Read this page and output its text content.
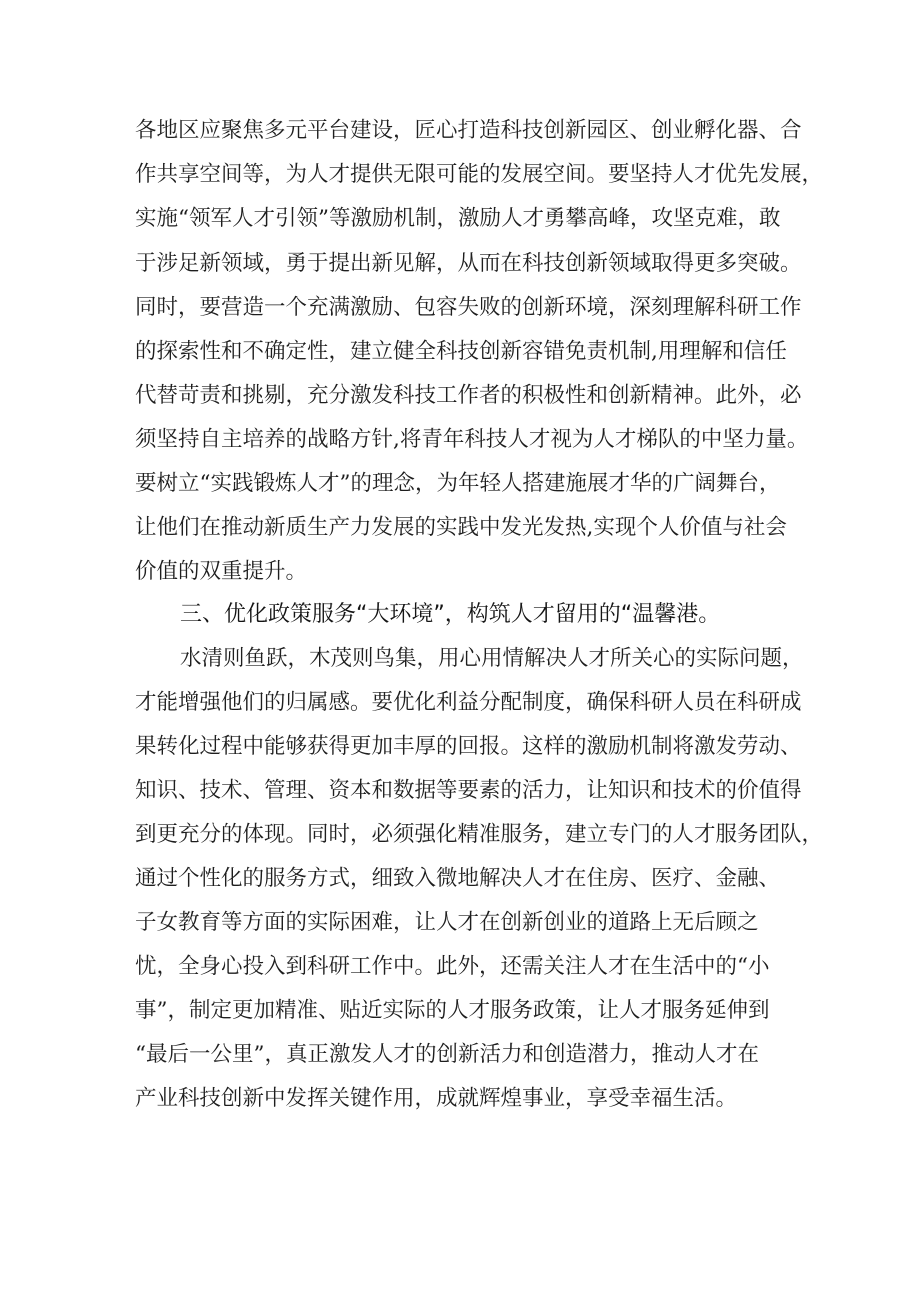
各地区应聚焦多元平台建设，匠心打造科技创新园区、创业孵化器、合
作共享空间等，为人才提供无限可能的发展空间。要坚持人才优先发展，
实施“领军人才引领”等激励机制，激励人才勇攀高峰，攻坚克难，敢
于涉足新领域，勇于提出新见解，从而在科技创新领域取得更多突破。
同时，要营造一个充满激励、包容失败的创新环境，深刻理解科研工作
的探索性和不确定性，建立健全科技创新容错免责机制,用理解和信任
代替苛责和挑剔，充分激发科技工作者的积极性和创新精神。此外，必
须坚持自主培养的战略方针,将青年科技人才视为人才梯队的中坚力量。
要树立“实践锻炼人才”的理念，为年轻人搭建施展才华的广阔舞台，
让他们在推动新质生产力发展的实践中发光发热,实现个人价值与社会
价值的双重提升。
三、优化政策服务“大环境”，构筑人才留用的“温馨港。
水清则鱼跃，木茂则鸟集，用心用情解决人才所关心的实际问题，
才能增强他们的归属感。要优化利益分配制度，确保科研人员在科研成
果转化过程中能够获得更加丰厚的回报。这样的激励机制将激发劳动、
知识、技术、管理、资本和数据等要素的活力，让知识和技术的价值得
到更充分的体现。同时，必须强化精准服务，建立专门的人才服务团队，
通过个性化的服务方式，细致入微地解决人才在住房、医疗、金融、
子女教育等方面的实际困难，让人才在创新创业的道路上无后顾之
忧，全身心投入到科研工作中。此外，还需关注人才在生活中的“小
事”，制定更加精准、贴近实际的人才服务政策，让人才服务延伸到
“最后一公里”，真正激发人才的创新活力和创造潜力，推动人才在
产业科技创新中发挥关键作用，成就辉煌事业，享受幸福生活。
